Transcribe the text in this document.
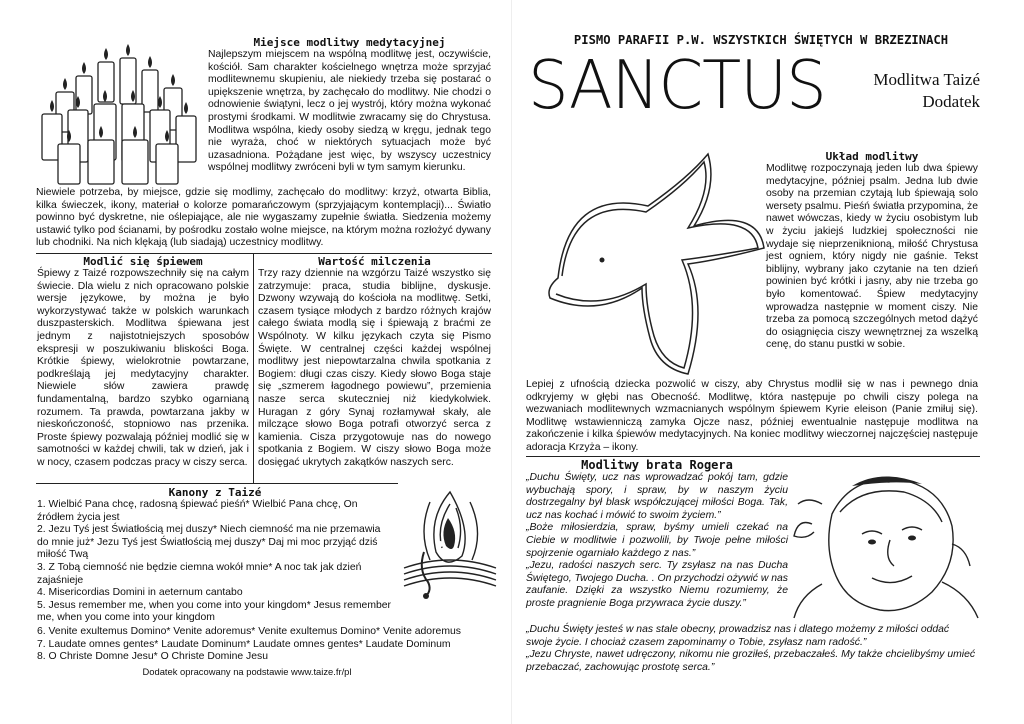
Miejsce modlitwy medytacyjnej

Najlepszym miejscem na wspólną modlitwę jest, oczywiście, kościół. Sam charakter kościelnego wnętrza może sprzyjać modlitewnemu skupieniu, ale niekiedy trzeba się postarać o upiększenie wnętrza, by zachęcało do modlitwy. Nie chodzi o odnowienie świątyni, lecz o jej wystrój, który można wykonać prostymi środkami. W modlitwie zwracamy się do Chrystusa. Modlitwa wspólna, kiedy osoby siedzą w kręgu, jednak tego nie wyraża, choć w niektórych sytuacjach może być uzasadniona. Pożądane jest więc, by wszyscy uczestnicy wspólnej modlitwy zwróceni byli w tym samym kierunku.

Niewiele potrzeba, by miejsce, gdzie się modlimy, zachęcało do modlitwy: krzyż, otwarta Biblia, kilka świeczek, ikony, materiał o kolorze pomarańczowym (sprzyjającym kontemplacji)... Światło powinno być dyskretne, nie oślepiające, ale nie wygaszamy zupełnie światła. Siedzenia możemy ustawić tylko pod ścianami, by pośrodku zostało wolne miejsce, na którym można rozłożyć dywany lub chodniki. Na nich klękają (lub siadają) uczestnicy modlitwy.

Modlić się śpiewem

Śpiewy z Taizé rozpowszechniły się na całym świecie. Dla wielu z nich opracowano polskie wersje językowe, by można je było wykorzystywać także w polskich warunkach duszpasterskich. Modlitwa śpiewana jest jednym z najistotniejszych sposobów ekspresji w poszukiwaniu bliskości Boga. Krótkie śpiewy, wielokrotnie powtarzane, podkreślają jej medytacyjny charakter. Niewiele słów zawiera prawdę fundamentalną, bardzo szybko ogarnianą rozumem. Ta prawda, powtarzana jakby w nieskończoność, stopniowo nas przenika. Proste śpiewy pozwalają później modlić się w samotności w każdej chwili, tak w dzień, jak i w nocy, czasem podczas pracy w ciszy serca.

Wartość milczenia

Trzy razy dziennie na wzgórzu Taizé wszystko się zatrzymuje: praca, studia biblijne, dyskusje. Dzwony wzywają do kościoła na modlitwę. Setki, czasem tysiące młodych z bardzo różnych krajów całego świata modlą się i śpiewają z braćmi ze Wspólnoty. W kilku językach czyta się Pismo Święte. W centralnej części każdej wspólnej modlitwy jest niepowtarzalna chwila spotkania z Bogiem: długi czas ciszy. Kiedy słowo Boga staje się „szmerem łagodnego powiewu”, przemienia nasze serca skuteczniej niż kiedykolwiek. Huragan z góry Synaj rozłamywał skały, ale milczące słowo Boga potrafi otworzyć serca z kamienia. Cisza przygotowuje nas do nowego spotkania z Bogiem. W ciszy słowo Boga może dosięgać ukrytych zakątków naszych serc.

Kanony z Taizé

1. Wielbić Pana chcę, radosną śpiewać pieśń* Wielbić Pana chcę, On źródłem życia jest

2. Jezu Tyś jest Światłością mej duszy* Niech ciemność ma nie przemawia do mnie już* Jezu Tyś jest Światłością mej duszy* Daj mi moc przyjąć dziś miłość Twą

3. Z Tobą ciemność nie będzie ciemna wokół mnie* A noc tak jak dzień zajaśnieje

4. Misericordias Domini in aeternum cantabo

5. Jesus remember me, when you come into your kingdom* Jesus remember me, when you come into your kingdom

6. Venite exultemus Domino* Venite adoremus* Venite exultemus Domino* Venite adoremus

7. Laudate omnes gentes* Laudate Dominum* Laudate omnes gentes* Laudate Dominum

8. O Christe Domne Jesu* O Christe Domine Jesu

Dodatek opracowany na podstawie www.taize.fr/pl

PISMO PARAFII P.W. WSZYSTKICH ŚWIĘTYCH W BRZEZINACH

SANCTUS	Modlitwa Taizé
Dodatek

Układ modlitwy

Modlitwę rozpoczynają jeden lub dwa śpiewy medytacyjne, później psalm. Jedna lub dwie osoby na przemian czytają lub śpiewają solo wersety psalmu. Pieśń światła przypomina, że nawet wówczas, kiedy w życiu osobistym lub w życiu jakiejś ludzkiej społeczności nie wydaje się nieprzeniknioną, miłość Chrystusa jest ogniem, który nigdy nie gaśnie. Tekst biblijny, wybrany jako czytanie na ten dzień powinien być krótki i jasny, aby nie trzeba go było komentować. Śpiew medytacyjny wprowadza następnie w moment ciszy. Nie trzeba za pomocą szczególnych metod dążyć do osiągnięcia ciszy wewnętrznej za wszelką cenę, do stanu pustki w sobie.

Lepiej z ufnością dziecka pozwolić w ciszy, aby Chrystus modlił się w nas i pewnego dnia odkryjemy w głębi nas Obecność. Modlitwę, która następuje po chwili ciszy polega na wezwaniach modlitewnych wzmacnianych wspólnym śpiewem Kyrie eleison (Panie zmiłuj się). Modlitwę wstawienniczą zamyka Ojcze nasz, później ewentualnie następuje modlitwa na zakończenie i kilka śpiewów medytacyjnych. Na koniec modlitwy wieczornej najczęściej następuje adoracja Krzyża – ikony.

Modlitwy brata Rogera

„Duchu Święty, ucz nas wprowadzać pokój tam, gdzie wybuchają spory, i spraw, by w naszym życiu dostrzegalny był blask współczującej miłości Boga. Tak, ucz nas kochać i mówić to swoim życiem.”

„Boże miłosierdzia, spraw, byśmy umieli czekać na Ciebie w modlitwie i pozwolili, by Twoje pełne miłości spojrzenie ogarniało każdego z nas.”

„Jezu, radości naszych serc. Ty zsyłasz na nas Ducha Świętego, Twojego Ducha. . On przychodzi ożywić w nas zaufanie. Dzięki za wszystko Niemu rozumiemy, że proste pragnienie Boga przywraca życie duszy.”

„Duchu Święty jesteś w nas stale obecny, prowadzisz nas i dlatego możemy z miłości oddać swoje życie. I chociaż czasem zapominamy o Tobie, zsyłasz nam radość.”

„Jezu Chryste, nawet udręczony, nikomu nie groziłeś, przebaczałeś. My także chcielibyśmy umieć przebaczać, zachowując prostotę serca.”
